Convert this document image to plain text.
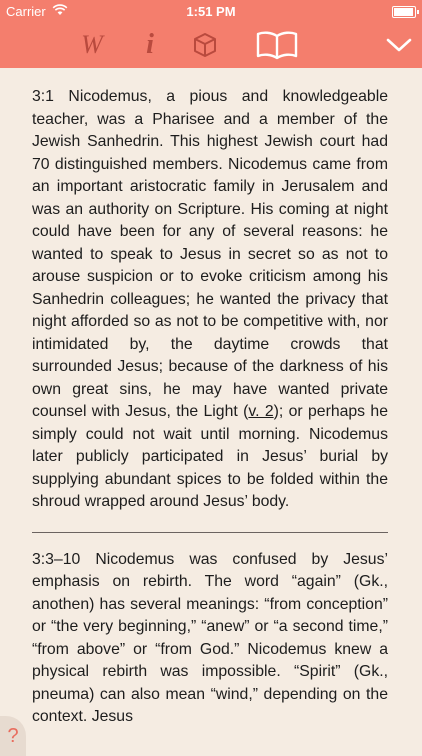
Carrier	1:51 PM
W	i

3:1 Nicodemus, a pious and knowledgeable teacher, was a Pharisee and a member of the Jewish Sanhedrin. This highest Jewish court had 70 distinguished members. Nicodemus came from an important aristocratic family in Jerusalem and was an authority on Scripture. His coming at night could have been for any of several reasons: he wanted to speak to Jesus in secret so as not to arouse suspicion or to evoke criticism among his Sanhedrin colleagues; he wanted the privacy that night afforded so as not to be competitive with, nor intimidated by, the daytime crowds that surrounded Jesus; because of the darkness of his own great sins, he may have wanted private counsel with Jesus, the Light (v. 2); or perhaps he simply could not wait until morning. Nicodemus later publicly participated in Jesus’ burial by supplying abundant spices to be folded within the shroud wrapped around Jesus’ body.

3:3–10 Nicodemus was confused by Jesus’ emphasis on rebirth. The word “again” (Gk., anothen) has several meanings: “from conception” or “the very beginning,” “anew” or “a second time,” “from above” or “from God.” Nicodemus knew a physical rebirth was impossible. “Spirit” (Gk., pneuma) can also mean “wind,” depending on the context. Jesus

?
